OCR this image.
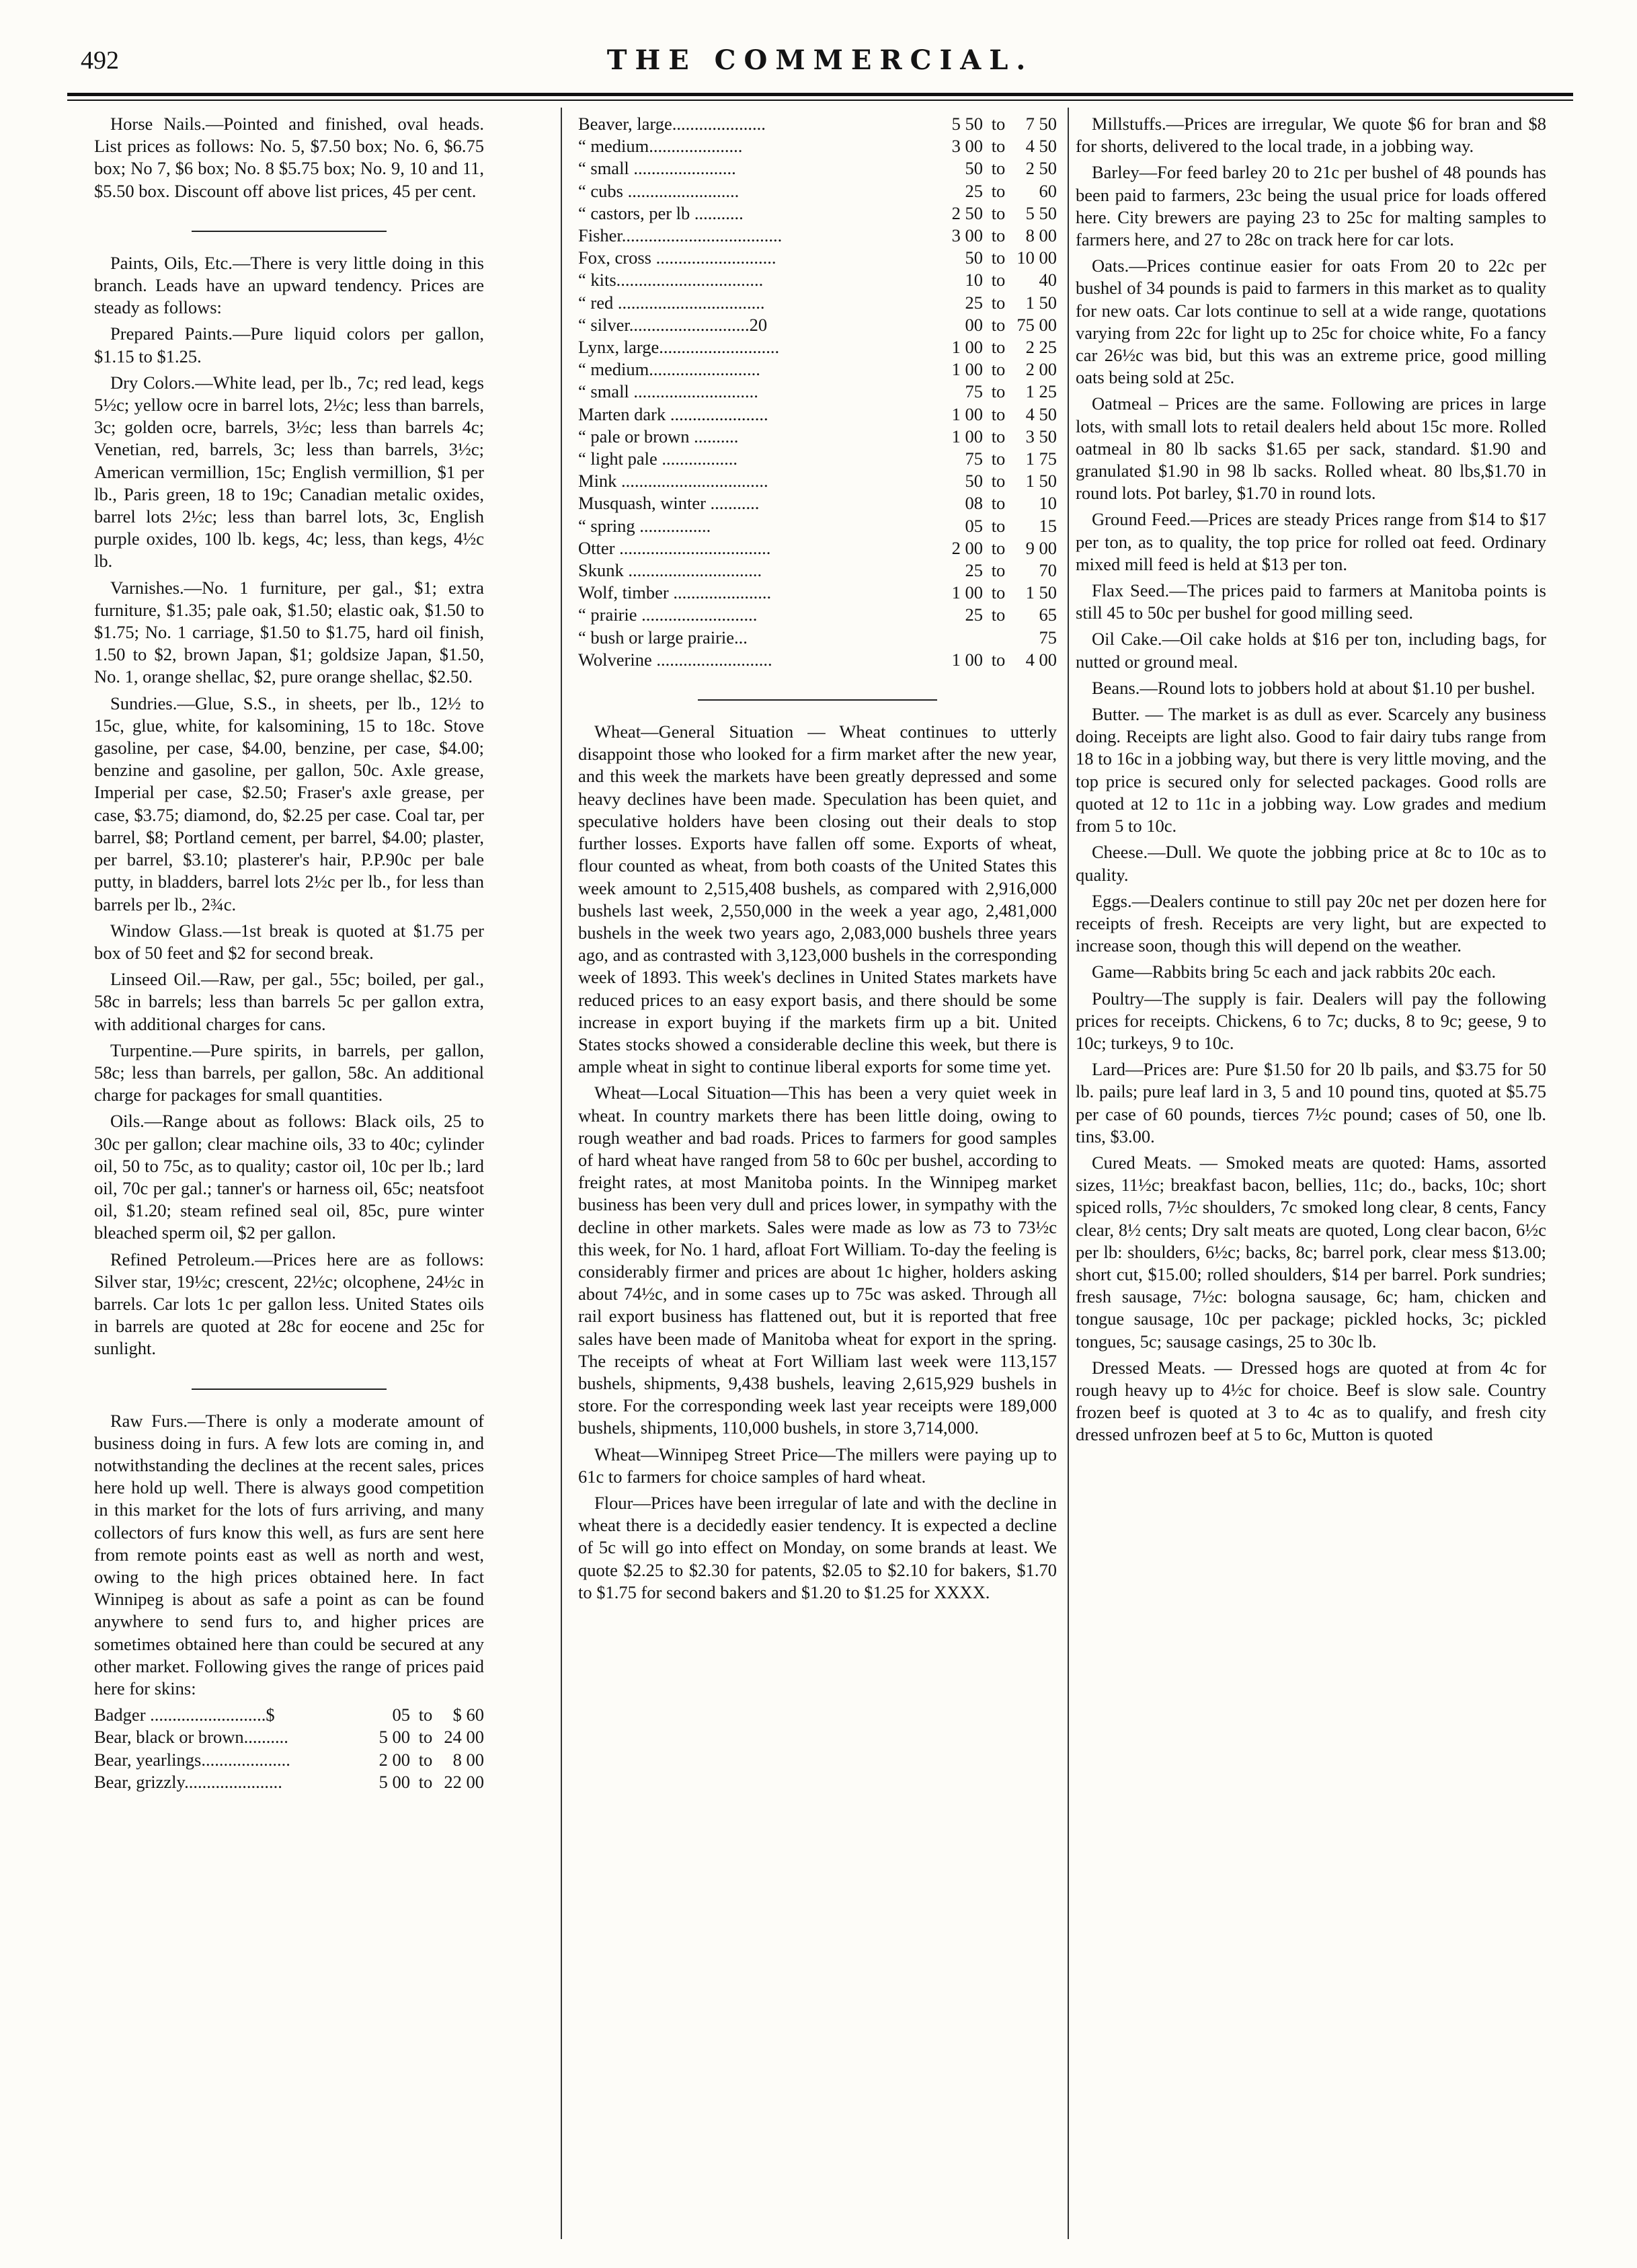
492	THE COMMERCIAL.

Horse Nails.—Pointed and finished, oval heads. List prices as follows: No. 5, $7.50 box; No. 6, $6.75 box; No 7, $6 box; No. 8 $5.75 box; No. 9, 10 and 11, $5.50 box. Discount off above list prices, 45 per cent.

Paints, Oils, Etc.—There is very little doing in this branch. Leads have an upward tendency. Prices are steady as follows:

Prepared Paints.—Pure liquid colors per gallon, $1.15 to $1.25.

Dry Colors.—White lead, per lb., 7c; red lead, kegs 5½c; yellow ocre in barrel lots, 2½c; less than barrels, 3c; golden ocre, barrels, 3½c; less than barrels 4c; Venetian, red, barrels, 3c; less than barrels, 3½c; American vermillion, 15c; English vermillion, $1 per lb., Paris green, 18 to 19c; Canadian metalic oxides, barrel lots 2½c; less than barrel lots, 3c, English purple oxides, 100 lb. kegs, 4c; less, than kegs, 4½c lb.

Varnishes.—No. 1 furniture, per gal., $1; extra furniture, $1.35; pale oak, $1.50; elastic oak, $1.50 to $1.75; No. 1 carriage, $1.50 to $1.75, hard oil finish, 1.50 to $2, brown Japan, $1; goldsize Japan, $1.50, No. 1, orange shellac, $2, pure orange shellac, $2.50.

Sundries.—Glue, S.S., in sheets, per lb., 12½ to 15c, glue, white, for kalsomining, 15 to 18c. Stove gasoline, per case, $4.00, benzine, per case, $4.00; benzine and gasoline, per gallon, 50c. Axle grease, Imperial per case, $2.50; Fraser's axle grease, per case, $3.75; diamond, do, $2.25 per case. Coal tar, per barrel, $8; Portland cement, per barrel, $4.00; plaster, per barrel, $3.10; plasterer's hair, P.P.90c per bale putty, in bladders, barrel lots 2½c per lb., for less than barrels per lb., 2¾c.

Window Glass.—1st break is quoted at $1.75 per box of 50 feet and $2 for second break.

Linseed Oil.—Raw, per gal., 55c; boiled, per gal., 58c in barrels; less than barrels 5c per gallon extra, with additional charges for cans.

Turpentine.—Pure spirits, in barrels, per gallon, 58c; less than barrels, per gallon, 58c. An additional charge for packages for small quantities.

Oils.—Range about as follows: Black oils, 25 to 30c per gallon; clear machine oils, 33 to 40c; cylinder oil, 50 to 75c, as to quality; castor oil, 10c per lb.; lard oil, 70c per gal.; tanner's or harness oil, 65c; neatsfoot oil, $1.20; steam refined seal oil, 85c, pure winter bleached sperm oil, $2 per gallon.

Refined Petroleum.—Prices here are as follows: Silver star, 19½c; crescent, 22½c; olcophene, 24½c in barrels. Car lots 1c per gallon less. United States oils in barrels are quoted at 28c for eocene and 25c for sunlight.

Raw Furs.—There is only a moderate amount of business doing in furs. A few lots are coming in, and notwithstanding the declines at the recent sales, prices here hold up well. There is always good competition in this market for the lots of furs arriving, and many collectors of furs know this well, as furs are sent here from remote points east as well as north and west, owing to the high prices obtained here. In fact Winnipeg is about as safe a point as can be found anywhere to send furs to, and higher prices are sometimes obtained here than could be secured at any other market. Following gives the range of prices paid here for skins:

Badger ..........................$	05 to	$ 60
Bear, black or brown..........	5 00 to 24 00
Bear, yearlings....................	2 00 to	8 00
Bear, grizzly......................	5 00 to 22 00
Beaver, large.....................	5 50 to	7 50
“ medium.....................	3 00 to	4 50
“ small .......................	50 to	2 50
“ cubs .........................	25 to	60
“ castors, per lb ...........	2 50 to	5 50
Fisher....................................	3 00 to	8 00
Fox, cross ...........................	50 to 10 00
“ kits.................................	10 to	40
“ red .................................	25 to	1 50
“ silver...........................20	00 to 75 00
Lynx, large...........................	1 00 to	2 25
“ medium.........................	1 00 to	2 00
“ small ............................	75 to	1 25
Marten dark ......................	1 00 to	4 50
“ pale or brown ..........	1 00 to	3 50
“ light pale .................	75 to	1 75
Mink .................................	50 to	1 50
Musquash, winter ...........	08 to	10
“ spring ................	05 to	15
Otter ..................................	2 00 to	9 00
Skunk ..............................	25 to	70
Wolf, timber ......................	1 00 to	1 50
“ prairie ..........................	25 to	65
“ bush or large prairie...	75
Wolverine ..........................	1 00 to	4 00

Wheat—General Situation — Wheat continues to utterly disappoint those who looked for a firm market after the new year, and this week the markets have been greatly depressed and some heavy declines have been made. Speculation has been quiet, and speculative holders have been closing out their deals to stop further losses. Exports have fallen off some. Exports of wheat, flour counted as wheat, from both coasts of the United States this week amount to 2,515,408 bushels, as compared with 2,916,000 bushels last week, 2,550,000 in the week a year ago, 2,481,000 bushels in the week two years ago, 2,083,000 bushels three years ago, and as contrasted with 3,123,000 bushels in the corresponding week of 1893. This week's declines in United States markets have reduced prices to an easy export basis, and there should be some increase in export buying if the markets firm up a bit. United States stocks showed a considerable decline this week, but there is ample wheat in sight to continue liberal exports for some time yet.

Wheat—Local Situation—This has been a very quiet week in wheat. In country markets there has been little doing, owing to rough weather and bad roads. Prices to farmers for good samples of hard wheat have ranged from 58 to 60c per bushel, according to freight rates, at most Manitoba points. In the Winnipeg market business has been very dull and prices lower, in sympathy with the decline in other markets. Sales were made as low as 73 to 73½c this week, for No. 1 hard, afloat Fort William. To-day the feeling is considerably firmer and prices are about 1c higher, holders asking about 74½c, and in some cases up to 75c was asked. Through all rail export business has flattened out, but it is reported that free sales have been made of Manitoba wheat for export in the spring. The receipts of wheat at Fort William last week were 113,157 bushels, shipments, 9,438 bushels, leaving 2,615,929 bushels in store. For the corresponding week last year receipts were 189,000 bushels, shipments, 110,000 bushels, in store 3,714,000.

Wheat—Winnipeg Street Price—The millers were paying up to 61c to farmers for choice samples of hard wheat.

Flour—Prices have been irregular of late and with the decline in wheat there is a decidedly easier tendency. It is expected a decline of 5c will go into effect on Monday, on some brands at least. We quote $2.25 to $2.30 for patents, $2.05 to $2.10 for bakers, $1.70 to $1.75 for second bakers and $1.20 to $1.25 for XXXX.

Millstuffs.—Prices are irregular, We quote $6 for bran and $8 for shorts, delivered to the local trade, in a jobbing way.

Barley—For feed barley 20 to 21c per bushel of 48 pounds has been paid to farmers, 23c being the usual price for loads offered here. City brewers are paying 23 to 25c for malting samples to farmers here, and 27 to 28c on track here for car lots.

Oats.—Prices continue easier for oats From 20 to 22c per bushel of 34 pounds is paid to farmers in this market as to quality for new oats. Car lots continue to sell at a wide range, quotations varying from 22c for light up to 25c for choice white, Fo a fancy car 26½c was bid, but this was an extreme price, good milling oats being sold at 25c.

Oatmeal – Prices are the same. Following are prices in large lots, with small lots to retail dealers held about 15c more. Rolled oatmeal in 80 lb sacks $1.65 per sack, standard. $1.90 and granulated $1.90 in 98 lb sacks. Rolled wheat. 80 lbs,$1.70 in round lots. Pot barley, $1.70 in round lots.

Ground Feed.—Prices are steady Prices range from $14 to $17 per ton, as to quality, the top price for rolled oat feed. Ordinary mixed mill feed is held at $13 per ton.

Flax Seed.—The prices paid to farmers at Manitoba points is still 45 to 50c per bushel for good milling seed.

Oil Cake.—Oil cake holds at $16 per ton, including bags, for nutted or ground meal.

Beans.—Round lots to jobbers hold at about $1.10 per bushel.

Butter. — The market is as dull as ever. Scarcely any business doing. Receipts are light also. Good to fair dairy tubs range from 18 to 16c in a jobbing way, but there is very little moving, and the top price is secured only for selected packages. Good rolls are quoted at 12 to 11c in a jobbing way. Low grades and medium from 5 to 10c.

Cheese.—Dull. We quote the jobbing price at 8c to 10c as to quality.

Eggs.—Dealers continue to still pay 20c net per dozen here for receipts of fresh. Receipts are very light, but are expected to increase soon, though this will depend on the weather.

Game—Rabbits bring 5c each and jack rabbits 20c each.

Poultry—The supply is fair. Dealers will pay the following prices for receipts. Chickens, 6 to 7c; ducks, 8 to 9c; geese, 9 to 10c; turkeys, 9 to 10c.

Lard—Prices are: Pure $1.50 for 20 lb pails, and $3.75 for 50 lb. pails; pure leaf lard in 3, 5 and 10 pound tins, quoted at $5.75 per case of 60 pounds, tierces 7½c pound; cases of 50, one lb. tins, $3.00.

Cured Meats. — Smoked meats are quoted: Hams, assorted sizes, 11½c; breakfast bacon, bellies, 11c; do., backs, 10c; short spiced rolls, 7½c shoulders, 7c smoked long clear, 8 cents, Fancy clear, 8½ cents; Dry salt meats are quoted, Long clear bacon, 6½c per lb: shoulders, 6½c; backs, 8c; barrel pork, clear mess $13.00; short cut, $15.00; rolled shoulders, $14 per barrel. Pork sundries; fresh sausage, 7½c: bologna sausage, 6c; ham, chicken and tongue sausage, 10c per package; pickled hocks, 3c; pickled tongues, 5c; sausage casings, 25 to 30c lb.

Dressed Meats. — Dressed hogs are quoted at from 4c for rough heavy up to 4½c for choice. Beef is slow sale. Country frozen beef is quoted at 3 to 4c as to qualify, and fresh city dressed unfrozen beef at 5 to 6c, Mutton is quoted
